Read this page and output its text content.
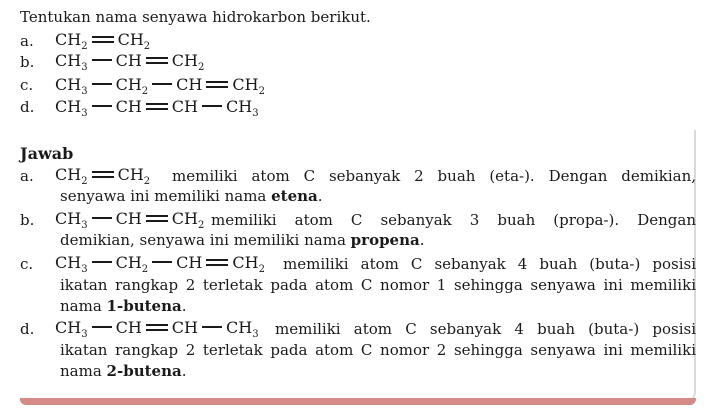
Tentukan nama senyawa hidrokarbon berikut.
a. $CH_2$ $CH_2$
b. $CH_3$ CH $CH_2$
c. $CH_3$ $CH_2$ CH $CH_2$
d. $CH_3$ CH CH $CH_3$
Jawab
a. $CH_2$ $CH_2$ memiliki atom C sebanyak 2 buah (eta-). Dengan demikian,
senyawa ini memiliki nama etena.
b. $CH_3$ CH $CH_2$ memiliki atom C sebanyak 3 buah (propa-). Dengan
demikian, senyawa ini memiliki nama propena.
c. $CH_3$ $CH_2$ CH $CH_2$ memiliki atom C sebanyak 4 buah (buta-) posisi
ikatan rangkap 2 terletak pada atom C nomor 1 sehingga senyawa ini memiliki
nama 1-butena.
d. $CH_3$ CH CH $CH_3$ memiliki atom C sebanyak 4 buah (buta-) posisi
ikatan rangkap 2 terletak pada atom C nomor 2 sehingga senyawa ini memiliki
nama 2-butena.
